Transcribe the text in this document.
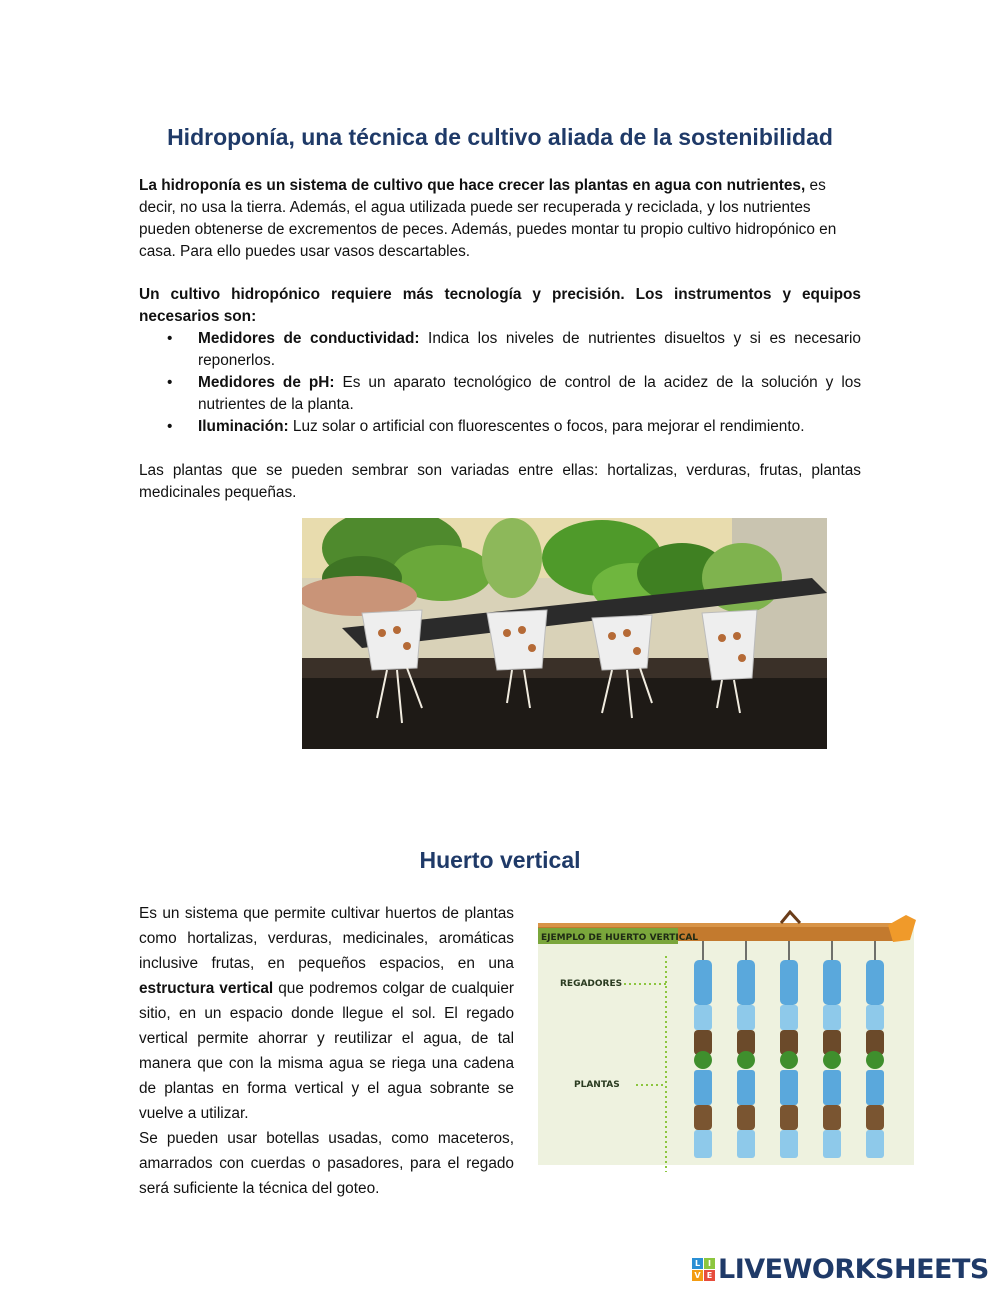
Hidroponía, una técnica de cultivo aliada de la sostenibilidad

La hidroponía es un sistema de cultivo que hace crecer las plantas en agua con nutrientes, es decir, no usa la tierra. Además, el agua utilizada puede ser recuperada y reciclada, y los nutrientes pueden obtenerse de excrementos de peces. Además, puedes montar tu propio cultivo hidropónico en casa. Para ello puedes usar vasos descartables.

Un cultivo hidropónico requiere más tecnología y precisión. Los instrumentos y equipos necesarios son:

• Medidores de conductividad: Indica los niveles de nutrientes disueltos y si es necesario reponerlos.
• Medidores de pH: Es un aparato tecnológico de control de la acidez de la solución y los nutrientes de la planta.
• Iluminación: Luz solar o artificial con fluorescentes o focos, para mejorar el rendimiento.

Las plantas que se pueden sembrar son variadas entre ellas: hortalizas, verduras, frutas, plantas medicinales pequeñas.

Huerto vertical

Es un sistema que permite cultivar huertos de plantas como hortalizas, verduras, medicinales, aromáticas inclusive frutas, en pequeños espacios, en una estructura vertical que podremos colgar de cualquier sitio, en un espacio donde llegue el sol. El regado vertical permite ahorrar y reutilizar el agua, de tal manera que con la misma agua se riega una cadena de plantas en forma vertical y el agua sobrante se vuelve a utilizar.

Se pueden usar botellas usadas, como maceteros, amarrados con cuerdas o pasadores, para el regado será suficiente la técnica del goteo.

EJEMPLO DE HUERTO VERTICAL
REGADORES
PLANTAS
L I
V E LIVEWORKSHEETS
